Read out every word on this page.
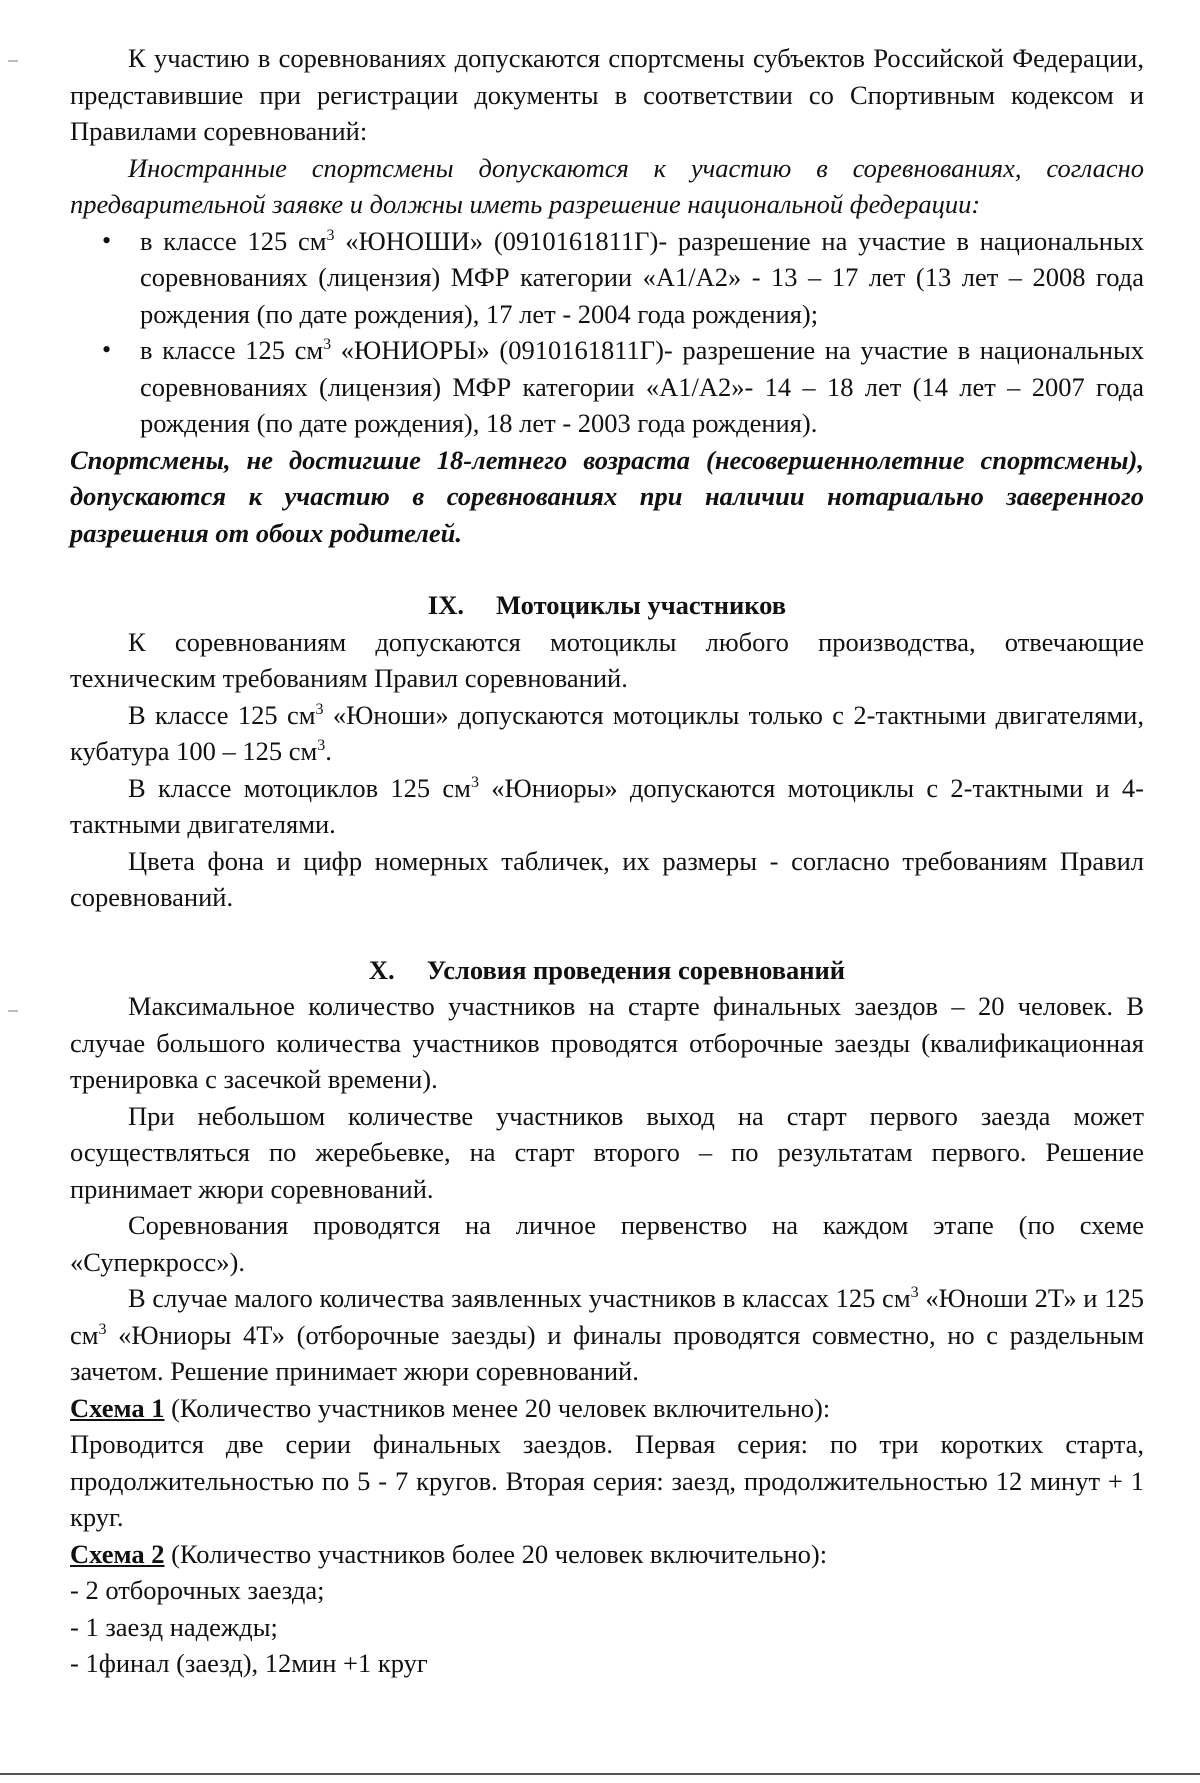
К участию в соревнованиях допускаются спортсмены субъектов Российской Федерации, представившие при регистрации документы в соответствии со Спортивным кодексом и Правилами соревнований:

Иностранные спортсмены допускаются к участию в соревнованиях, согласно предварительной заявке и должны иметь разрешение национальной федерации:

• в классе 125 $см^3$ «ЮНОШИ» (0910161811Г)- разрешение на участие в национальных соревнованиях (лицензия) МФР категории «А1/А2» - 13 – 17 лет (13 лет – 2008 года рождения (по дате рождения), 17 лет - 2004 года рождения);
• в классе 125 $см^3$ «ЮНИОРЫ» (0910161811Г)- разрешение на участие в национальных соревнованиях (лицензия) МФР категории «А1/А2»- 14 – 18 лет (14 лет – 2007 года рождения (по дате рождения), 18 лет - 2003 года рождения).

Спортсмены, не достигшие 18-летнего возраста (несовершеннолетние спортсмены), допускаются к участию в соревнованиях при наличии нотариально заверенного разрешения от обоих родителей.

IX. Мотоциклы участников

К соревнованиям допускаются мотоциклы любого производства, отвечающие техническим требованиям Правил соревнований.

В классе 125 $см^3$ «Юноши» допускаются мотоциклы только с 2-тактными двигателями, кубатура 100 – 125 $см^3$.

В классе мотоциклов 125 $см^3$ «Юниоры» допускаются мотоциклы с 2-тактными и 4-тактными двигателями.

Цвета фона и цифр номерных табличек, их размеры - согласно требованиям Правил соревнований.

X. Условия проведения соревнований

Максимальное количество участников на старте финальных заездов – 20 человек. В случае большого количества участников проводятся отборочные заезды (квалификационная тренировка с засечкой времени).

При небольшом количестве участников выход на старт первого заезда может осуществляться по жеребьевке, на старт второго – по результатам первого. Решение принимает жюри соревнований.

Соревнования проводятся на личное первенство на каждом этапе (по схеме «Суперкросс»).

В случае малого количества заявленных участников в классах 125 $см^3$ «Юноши 2Т» и 125 $см^3$ «Юниоры 4Т» (отборочные заезды) и финалы проводятся совместно, но с раздельным зачетом. Решение принимает жюри соревнований.

Схема 1 (Количество участников менее 20 человек включительно):

Проводится две серии финальных заездов. Первая серия: по три коротких старта, продолжительностью по 5 - 7 кругов. Вторая серия: заезд, продолжительностью 12 минут + 1 круг.

Схема 2 (Количество участников более 20 человек включительно):

- 2 отборочных заезда;
- 1 заезд надежды;
- 1финал (заезд), 12мин +1 круг
